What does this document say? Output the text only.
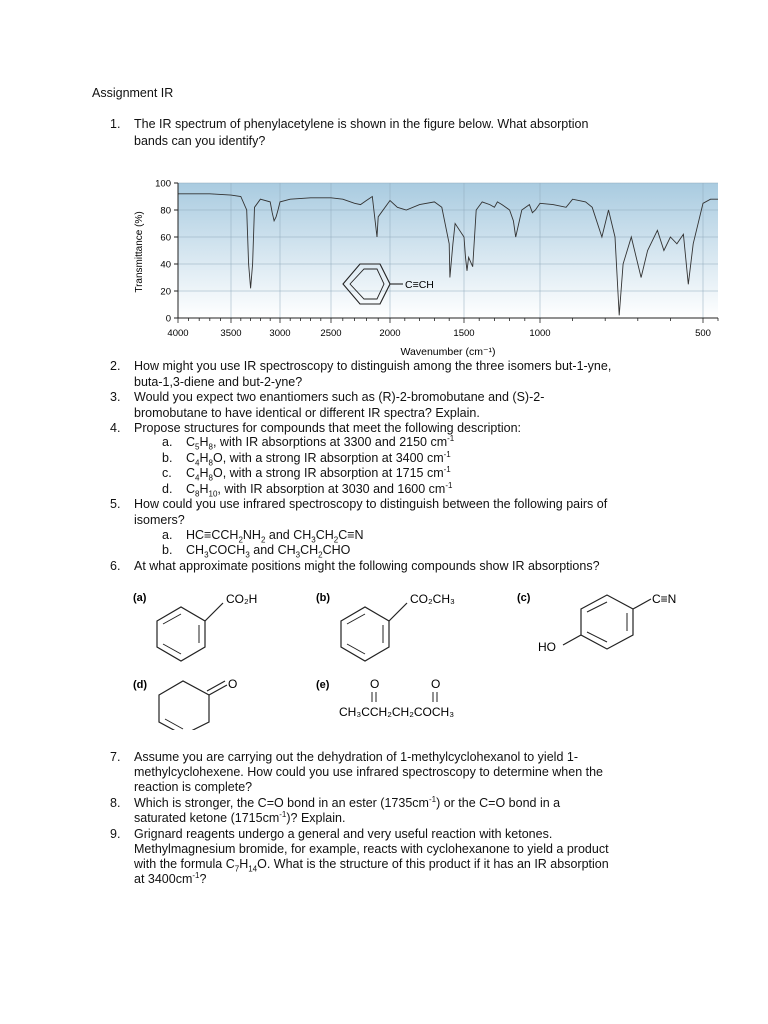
Assignment IR
1. The IR spectrum of phenylacetylene is shown in the figure below. What absorption
bands can you identify?
100
80
60
40
20
0
4000	3500	3000	2500	2000	1500	1000	500
Transmittance (%)
Wavenumber (cm⁻¹)
C≡CH
2. How might you use IR spectroscopy to distinguish among the three isomers but-1-yne,
buta-1,3-diene and but-2-yne?
3. Would you expect two enantiomers such as (R)-2-bromobutane and (S)-2-
bromobutane to have identical or different IR spectra? Explain.
4. Propose structures for compounds that meet the following description:
a. $C_5H_8$, with IR absorptions at 3300 and 2150 $cm^{-1}$
b. $C_4H_8O$, with a strong IR absorption at 3400 $cm^{-1}$
c. $C_4H_8O$, with a strong IR absorption at 1715 $cm^{-1}$
d. $C_8H_{10}$, with IR absorption at 3030 and 1600 $cm^{-1}$
5. How could you use infrared spectroscopy to distinguish between the following pairs of
isomers?
a. $HC\equiv CCH_2NH_2$ and $CH_3CH_2C\equiv N$
b. $CH_3COCH_3$ and $CH_3CH_2CHO$
6. At what approximate positions might the following compounds show IR absorptions?
(a)	CO₂H	(b)	CO₂CH₃	(c)	C≡N
HO
(d)	O	(e)	O	O
CH₃CCH₂CH₂COCH₃
7. Assume you are carrying out the dehydration of 1-methylcyclohexanol to yield 1-
methylcyclohexene. How could you use infrared spectroscopy to determine when the
reaction is complete?
8. Which is stronger, the C=O bond in an ester $(1735cm^{-1})$ or the C=O bond in a
saturated ketone $(1715cm^{-1})$? Explain.
9. Grignard reagents undergo a general and very useful reaction with ketones.
Methylmagnesium bromide, for example, reacts with cyclohexanone to yield a product
with the formula $C_7H_{14}O$. What is the structure of this product if it has an IR absorption
at $3400cm^{-1}$?
